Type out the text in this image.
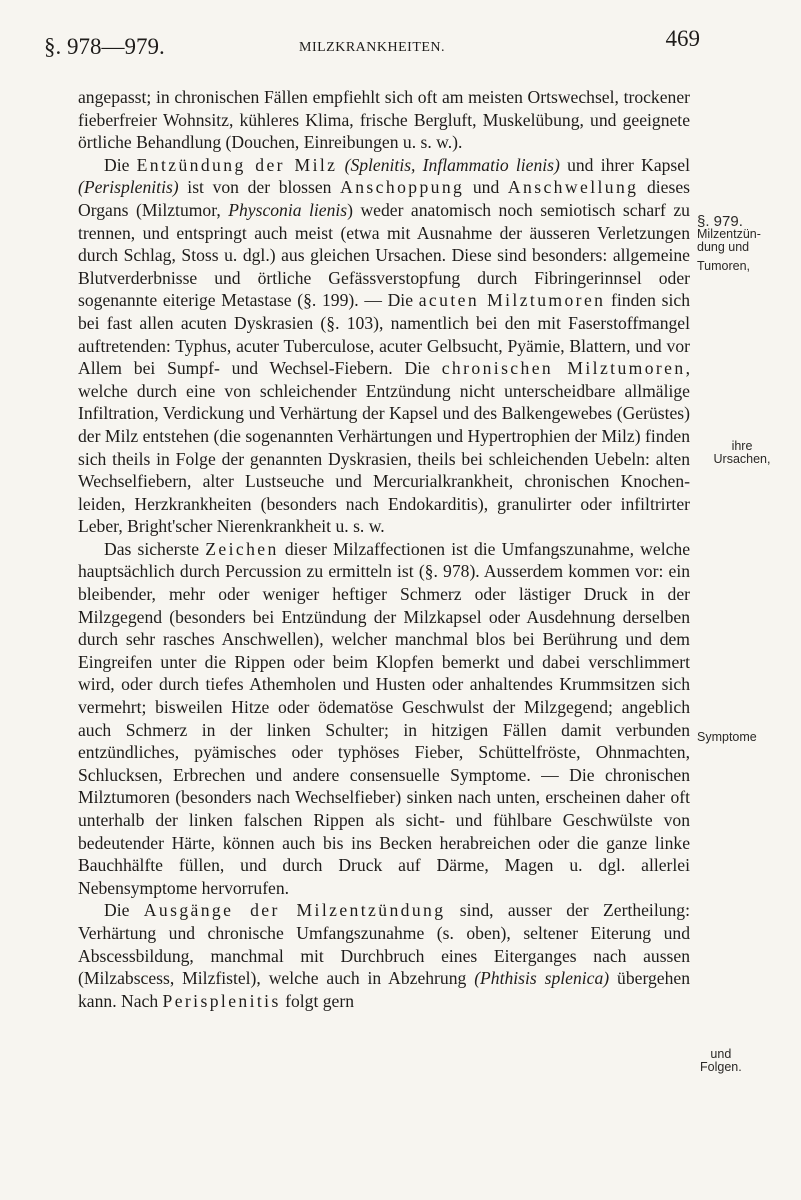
§. 978—979.	MILZKRANKHEITEN.	469
§. 979.
Milzentzün-
dung und
Tumoren,
ihre
Ursachen,
Symptome
und
Folgen.

angepasst; in chronischen Fällen empfiehlt sich oft am meisten Ortswechsel, trockener fieberfreier Wohnsitz, kühleres Klima, frische Bergluft, Muskelübung, und geeignete örtliche Behandlung (Douchen, Einreibungen u. s. w.).

Die Entzündung der Milz (Splenitis, Inflammatio lienis) und ihrer Kapsel (Perisplenitis) ist von der blossen Anschoppung und Anschwellung dieses Organs (Milztumor, Physconia lienis) weder anatomisch noch semiotisch scharf zu trennen, und entspringt auch meist (etwa mit Ausnahme der äusseren Verletzungen durch Schlag, Stoss u. dgl.) aus gleichen Ursachen. Diese sind besonders: allgemeine Blutverderbnisse und örtliche Gefässverstopfung durch Fibringerinnsel oder sogenannte eiterige Metastase (§. 199). — Die acuten Milztumoren finden sich bei fast allen acuten Dyskrasien (§. 103), namentlich bei den mit Faserstoffmangel auftretenden: Typhus, acuter Tuberculose, acuter Gelbsucht, Pyämie, Blattern, und vor Allem bei Sumpf- und Wechsel-Fiebern. Die chronischen Milztumoren, welche durch eine von schleichender Entzündung nicht unterscheidbare allmälige Infiltration, Verdickung und Verhärtung der Kapsel und des Balkengewebes (Gerüstes) der Milz entstehen (die sogenannten Verhärtungen und Hypertrophien der Milz) finden sich theils in Folge der genannten Dyskrasien, theils bei schleichenden Uebeln: alten Wechselfiebern, alter Lustseuche und Mercurialkrankheit, chronischen Knochenleiden, Herzkrankheiten (besonders nach Endokarditis), granulirter oder infiltrirter Leber, Bright'scher Nierenkrankheit u. s. w.

Das sicherste Zeichen dieser Milzaffectionen ist die Umfangszunahme, welche hauptsächlich durch Percussion zu ermitteln ist (§. 978). Ausserdem kommen vor: ein bleibender, mehr oder weniger heftiger Schmerz oder lästiger Druck in der Milzgegend (besonders bei Entzündung der Milzkapsel oder Ausdehnung derselben durch sehr rasches Anschwellen), welcher manchmal blos bei Berührung und dem Eingreifen unter die Rippen oder beim Klopfen bemerkt und dabei verschlimmert wird, oder durch tiefes Athemholen und Husten oder anhaltendes Krummsitzen sich vermehrt; bisweilen Hitze oder ödematöse Geschwulst der Milzgegend; angeblich auch Schmerz in der linken Schulter; in hitzigen Fällen damit verbunden entzündliches, pyämisches oder typhöses Fieber, Schüttelfröste, Ohnmachten, Schlucksen, Erbrechen und andere consensuelle Symptome. — Die chronischen Milztumoren (besonders nach Wechselfieber) sinken nach unten, erscheinen daher oft unterhalb der linken falschen Rippen als sicht- und fühlbare Geschwülste von bedeutender Härte, können auch bis ins Becken herabreichen oder die ganze linke Bauchhälfte füllen, und durch Druck auf Därme, Magen u. dgl. allerlei Nebensymptome hervorrufen.

Die Ausgänge der Milzentzündung sind, ausser der Zertheilung: Verhärtung und chronische Umfangszunahme (s. oben), seltener Eiterung und Abscessbildung, manchmal mit Durchbruch eines Eiterganges nach aussen (Milzabscess, Milzfistel), welche auch in Abzehrung (Phthisis splenica) übergehen kann. Nach Perisplenitis folgt gern
